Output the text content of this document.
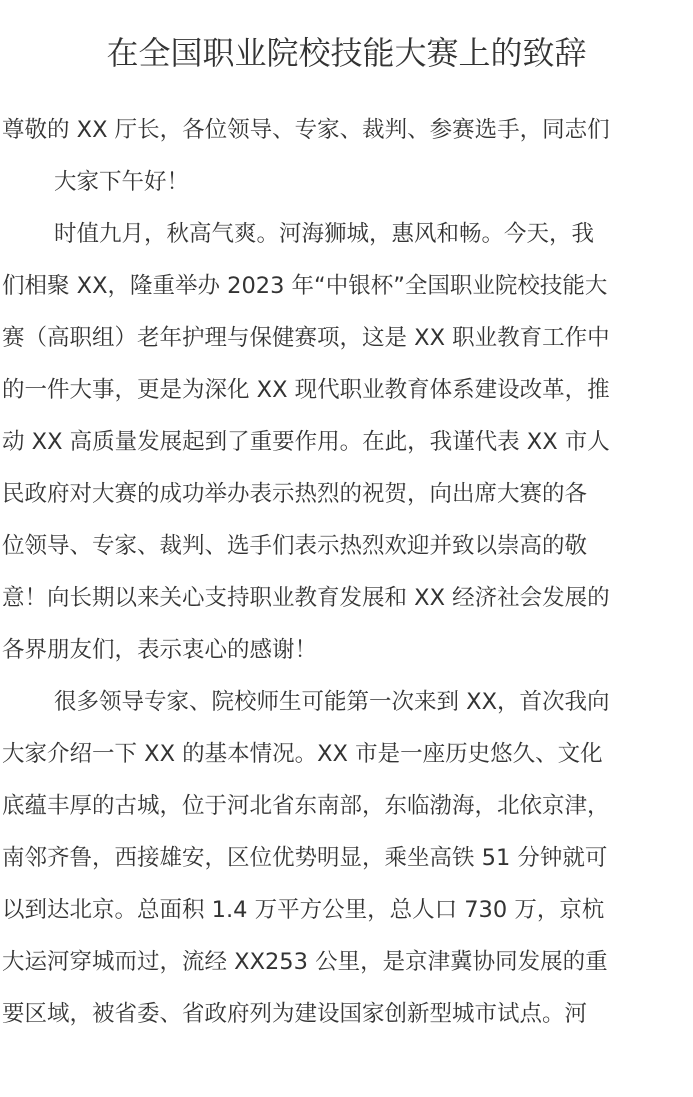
在全国职业院校技能大赛上的致辞
尊敬的 XX 厅长，各位领导、专家、裁判、参赛选手，同志们
大家下午好！
时值九月，秋高气爽。河海狮城，惠风和畅。今天，我
们相聚 XX，隆重举办 2023 年“中银杯”全国职业院校技能大
赛（高职组）老年护理与保健赛项，这是 XX 职业教育工作中
的一件大事，更是为深化 XX 现代职业教育体系建设改革，推
动 XX 高质量发展起到了重要作用。在此，我谨代表 XX 市人
民政府对大赛的成功举办表示热烈的祝贺，向出席大赛的各
位领导、专家、裁判、选手们表示热烈欢迎并致以崇高的敬
意！向长期以来关心支持职业教育发展和 XX 经济社会发展的
各界朋友们，表示衷心的感谢！
很多领导专家、院校师生可能第一次来到 XX，首次我向
大家介绍一下 XX 的基本情况。XX 市是一座历史悠久、文化
底蕴丰厚的古城，位于河北省东南部，东临渤海，北依京津，
南邻齐鲁，西接雄安，区位优势明显，乘坐高铁 51 分钟就可
以到达北京。总面积 1.4 万平方公里，总人口 730 万，京杭
大运河穿城而过，流经 XX253 公里，是京津冀协同发展的重
要区域，被省委、省政府列为建设国家创新型城市试点。河
